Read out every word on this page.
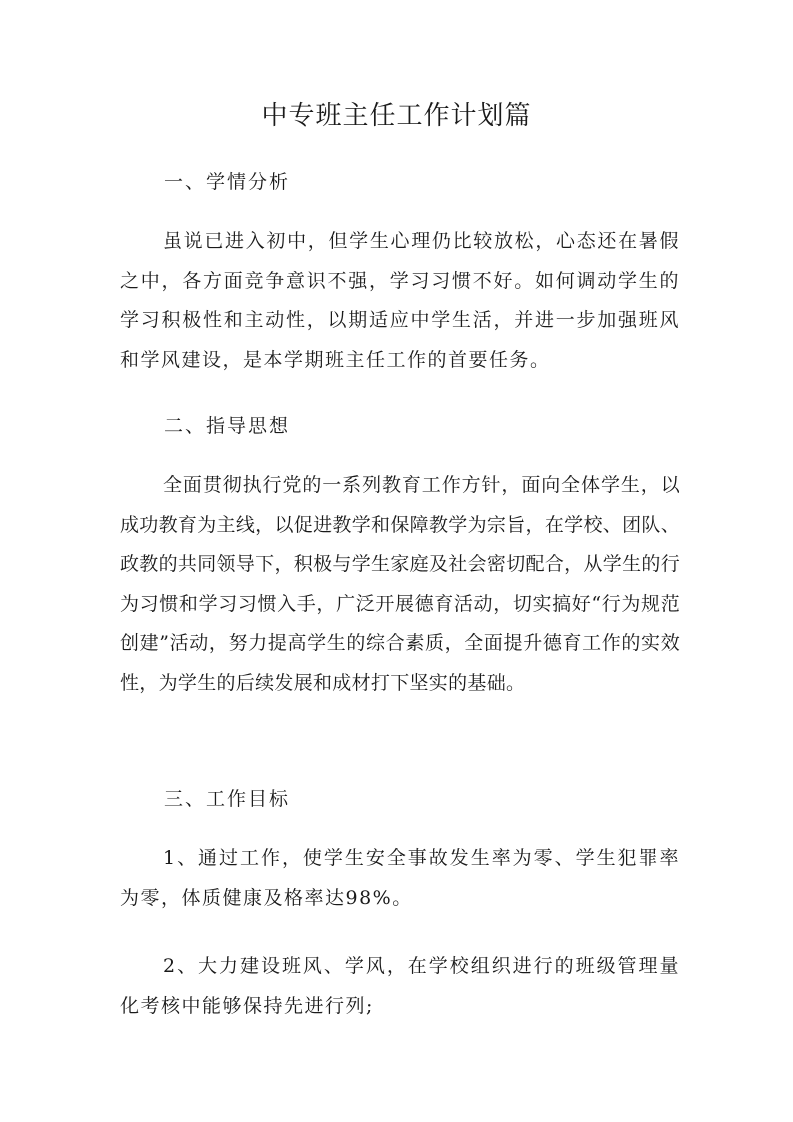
中专班主任工作计划篇
一、学情分析
虽说已进入初中，但学生心理仍比较放松，心态还在暑假之中，各方面竞争意识不强，学习习惯不好。如何调动学生的学习积极性和主动性，以期适应中学生活，并进一步加强班风和学风建设，是本学期班主任工作的首要任务。
二、指导思想
全面贯彻执行党的一系列教育工作方针，面向全体学生，以成功教育为主线，以促进教学和保障教学为宗旨，在学校、团队、政教的共同领导下，积极与学生家庭及社会密切配合，从学生的行为习惯和学习习惯入手，广泛开展德育活动，切实搞好“行为规范创建”活动，努力提高学生的综合素质，全面提升德育工作的实效性，为学生的后续发展和成材打下坚实的基础。
三、工作目标
1、通过工作，使学生安全事故发生率为零、学生犯罪率为零，体质健康及格率达98%。
2、大力建设班风、学风，在学校组织进行的班级管理量化考核中能够保持先进行列;
